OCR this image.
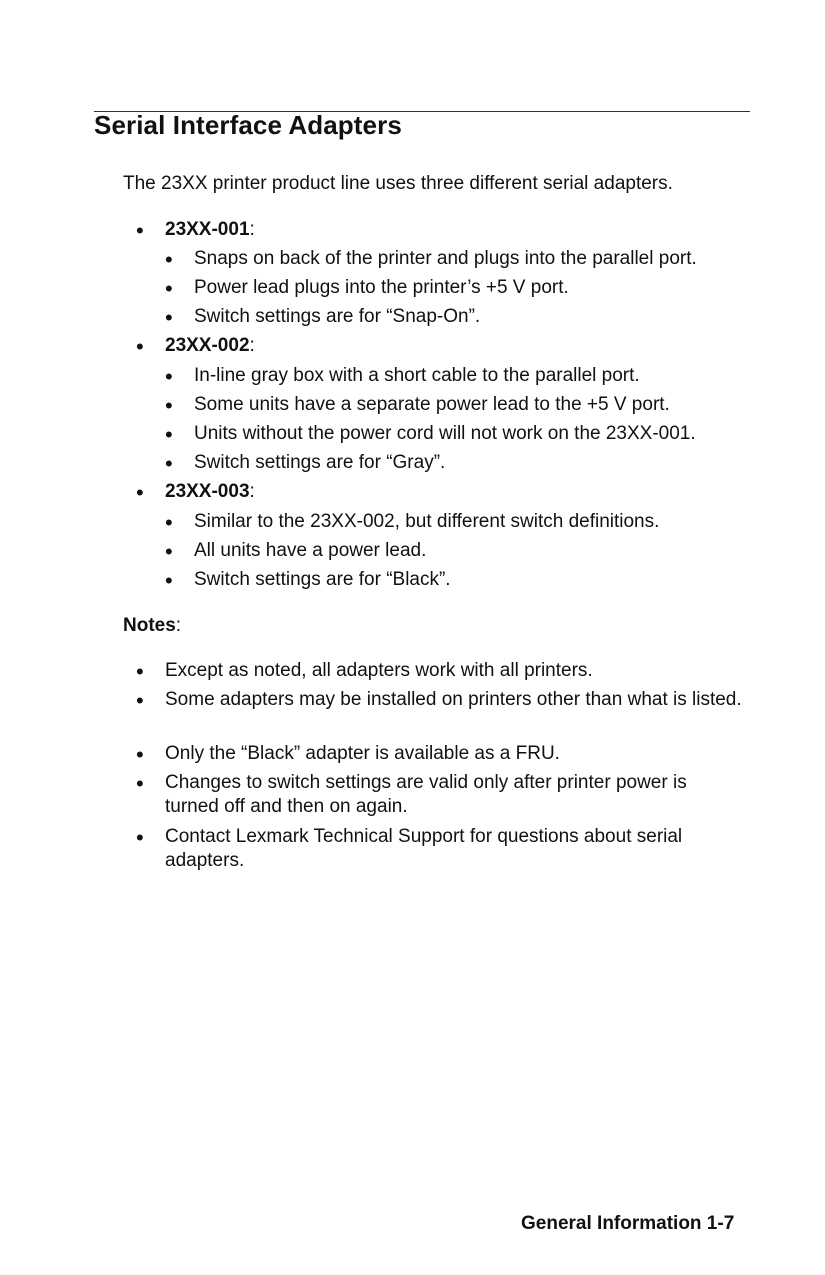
Serial Interface Adapters
The 23XX printer product line uses three different serial adapters.
• 23XX-001:
• Snaps on back of the printer and plugs into the parallel port.
• Power lead plugs into the printer’s +5 V port.
• Switch settings are for “Snap-On”.
• 23XX-002:
• In-line gray box with a short cable to the parallel port.
• Some units have a separate power lead to the +5 V port.
• Units without the power cord will not work on the 23XX-001.
• Switch settings are for “Gray”.
• 23XX-003:
• Similar to the 23XX-002, but different switch definitions.
• All units have a power lead.
• Switch settings are for “Black”.
Notes:
• Except as noted, all adapters work with all printers.
• Some adapters may be installed on printers other than what is listed.
• Only the “Black” adapter is available as a FRU.
• Changes to switch settings are valid only after printer power is turned off and then on again.
• Contact Lexmark Technical Support for questions about serial adapters.
General Information 1-7
